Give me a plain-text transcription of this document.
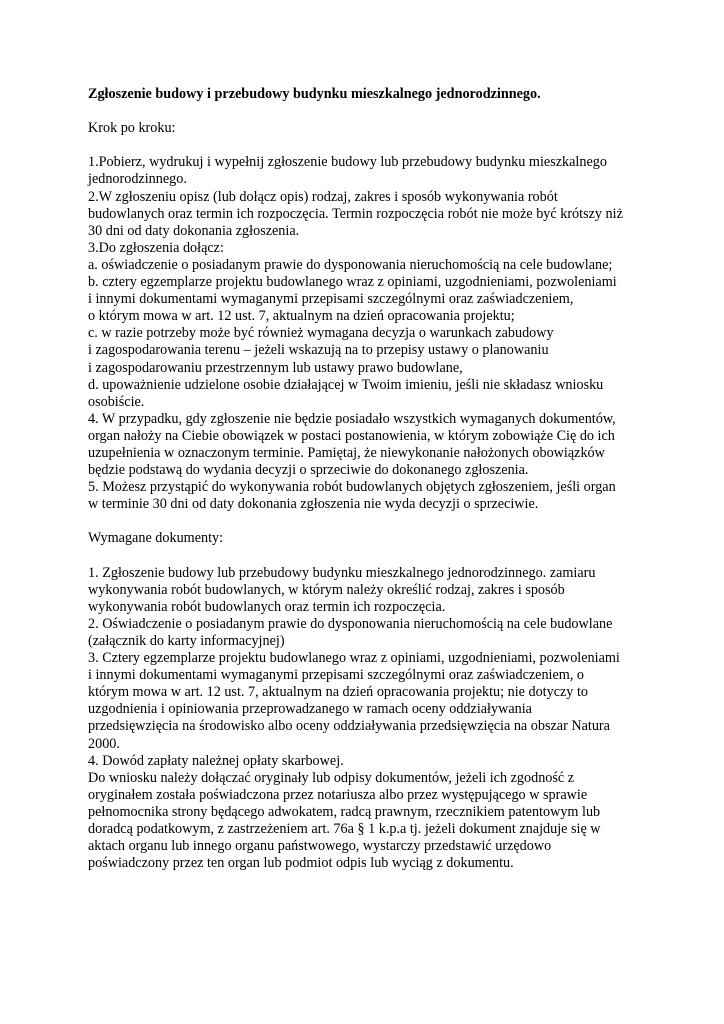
Zgłoszenie budowy i przebudowy budynku mieszkalnego jednorodzinnego.
Krok po kroku:
1.Pobierz, wydrukuj i wypełnij zgłoszenie budowy lub przebudowy budynku mieszkalnego
jednorodzinnego.
2.W zgłoszeniu opisz (lub dołącz opis) rodzaj, zakres i sposób wykonywania robót
budowlanych oraz termin ich rozpoczęcia. Termin rozpoczęcia robót nie może być krótszy niż
30 dni od daty dokonania zgłoszenia.
3.Do zgłoszenia dołącz:
a. oświadczenie o posiadanym prawie do dysponowania nieruchomością na cele budowlane;
b. cztery egzemplarze projektu budowlanego wraz z opiniami, uzgodnieniami, pozwoleniami
i innymi dokumentami wymaganymi przepisami szczególnymi oraz zaświadczeniem,
o którym mowa w art. 12 ust. 7, aktualnym na dzień opracowania projektu;
c. w razie potrzeby może być również wymagana decyzja o warunkach zabudowy
i zagospodarowania terenu – jeżeli wskazują na to przepisy ustawy o planowaniu
i zagospodarowaniu przestrzennym lub ustawy prawo budowlane,
d. upoważnienie udzielone osobie działającej w Twoim imieniu, jeśli nie składasz wniosku
osobiście.
4. W przypadku, gdy zgłoszenie nie będzie posiadało wszystkich wymaganych dokumentów,
organ nałoży na Ciebie obowiązek w postaci postanowienia, w którym zobowiąże Cię do ich
uzupełnienia w oznaczonym terminie. Pamiętaj, że niewykonanie nałożonych obowiązków
będzie podstawą do wydania decyzji o sprzeciwie do dokonanego zgłoszenia.
5. Możesz przystąpić do wykonywania robót budowlanych objętych zgłoszeniem, jeśli organ
w terminie 30 dni od daty dokonania zgłoszenia nie wyda decyzji o sprzeciwie.
Wymagane dokumenty:
1. Zgłoszenie budowy lub przebudowy budynku mieszkalnego jednorodzinnego. zamiaru
wykonywania robót budowlanych, w którym należy określić rodzaj, zakres i sposób
wykonywania robót budowlanych oraz termin ich rozpoczęcia.
2. Oświadczenie o posiadanym prawie do dysponowania nieruchomością na cele budowlane
(załącznik do karty informacyjnej)
3. Cztery egzemplarze projektu budowlanego wraz z opiniami, uzgodnieniami, pozwoleniami
i innymi dokumentami wymaganymi przepisami szczególnymi oraz zaświadczeniem, o
którym mowa w art. 12 ust. 7, aktualnym na dzień opracowania projektu; nie dotyczy to
uzgodnienia i opiniowania przeprowadzanego w ramach oceny oddziaływania
przedsięwzięcia na środowisko albo oceny oddziaływania przedsięwzięcia na obszar Natura
2000.
4. Dowód zapłaty należnej opłaty skarbowej.
Do wniosku należy dołączać oryginały lub odpisy dokumentów, jeżeli ich zgodność z
oryginałem została poświadczona przez notariusza albo przez występującego w sprawie
pełnomocnika strony będącego adwokatem, radcą prawnym, rzecznikiem patentowym lub
doradcą podatkowym, z zastrzeżeniem art. 76a § 1 k.p.a tj. jeżeli dokument znajduje się w
aktach organu lub innego organu państwowego, wystarczy przedstawić urzędowo
poświadczony przez ten organ lub podmiot odpis lub wyciąg z dokumentu.
